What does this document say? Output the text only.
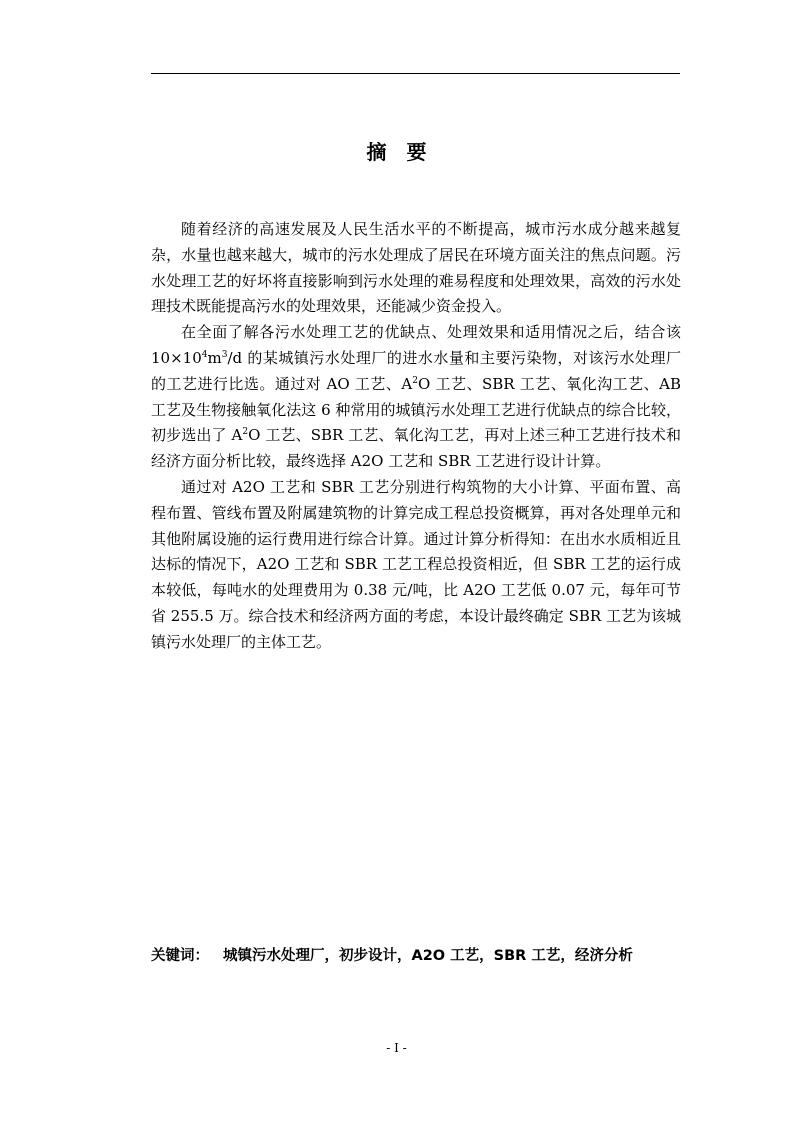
摘 要

随着经济的高速发展及人民生活水平的不断提高，城市污水成分越来越复杂，水量也越来越大，城市的污水处理成了居民在环境方面关注的焦点问题。污水处理工艺的好坏将直接影响到污水处理的难易程度和处理效果，高效的污水处理技术既能提高污水的处理效果，还能减少资金投入。

在全面了解各污水处理工艺的优缺点、处理效果和适用情况之后，结合该 $10\times 10^4m^3/d$ 的某城镇污水处理厂的进水水量和主要污染物，对该污水处理厂的工艺进行比选。通过对 AO 工艺、$A^2O$ 工艺、SBR 工艺、氧化沟工艺、AB 工艺及生物接触氧化法这 6 种常用的城镇污水处理工艺进行优缺点的综合比较，初步选出了 $A^2O$ 工艺、SBR 工艺、氧化沟工艺，再对上述三种工艺进行技术和经济方面分析比较，最终选择 A2O 工艺和 SBR 工艺进行设计计算。

通过对 A2O 工艺和 SBR 工艺分别进行构筑物的大小计算、平面布置、高程布置、管线布置及附属建筑物的计算完成工程总投资概算，再对各处理单元和其他附属设施的运行费用进行综合计算。通过计算分析得知：在出水水质相近且达标的情况下，A2O 工艺和 SBR 工艺工程总投资相近，但 SBR 工艺的运行成本较低，每吨水的处理费用为 0.38 元/吨，比 A2O 工艺低 0.07 元，每年可节省 255.5 万。综合技术和经济两方面的考虑，本设计最终确定 SBR 工艺为该城镇污水处理厂的主体工艺。

关键词： 城镇污水处理厂，初步设计，A2O 工艺，SBR 工艺，经济分析
- I -
